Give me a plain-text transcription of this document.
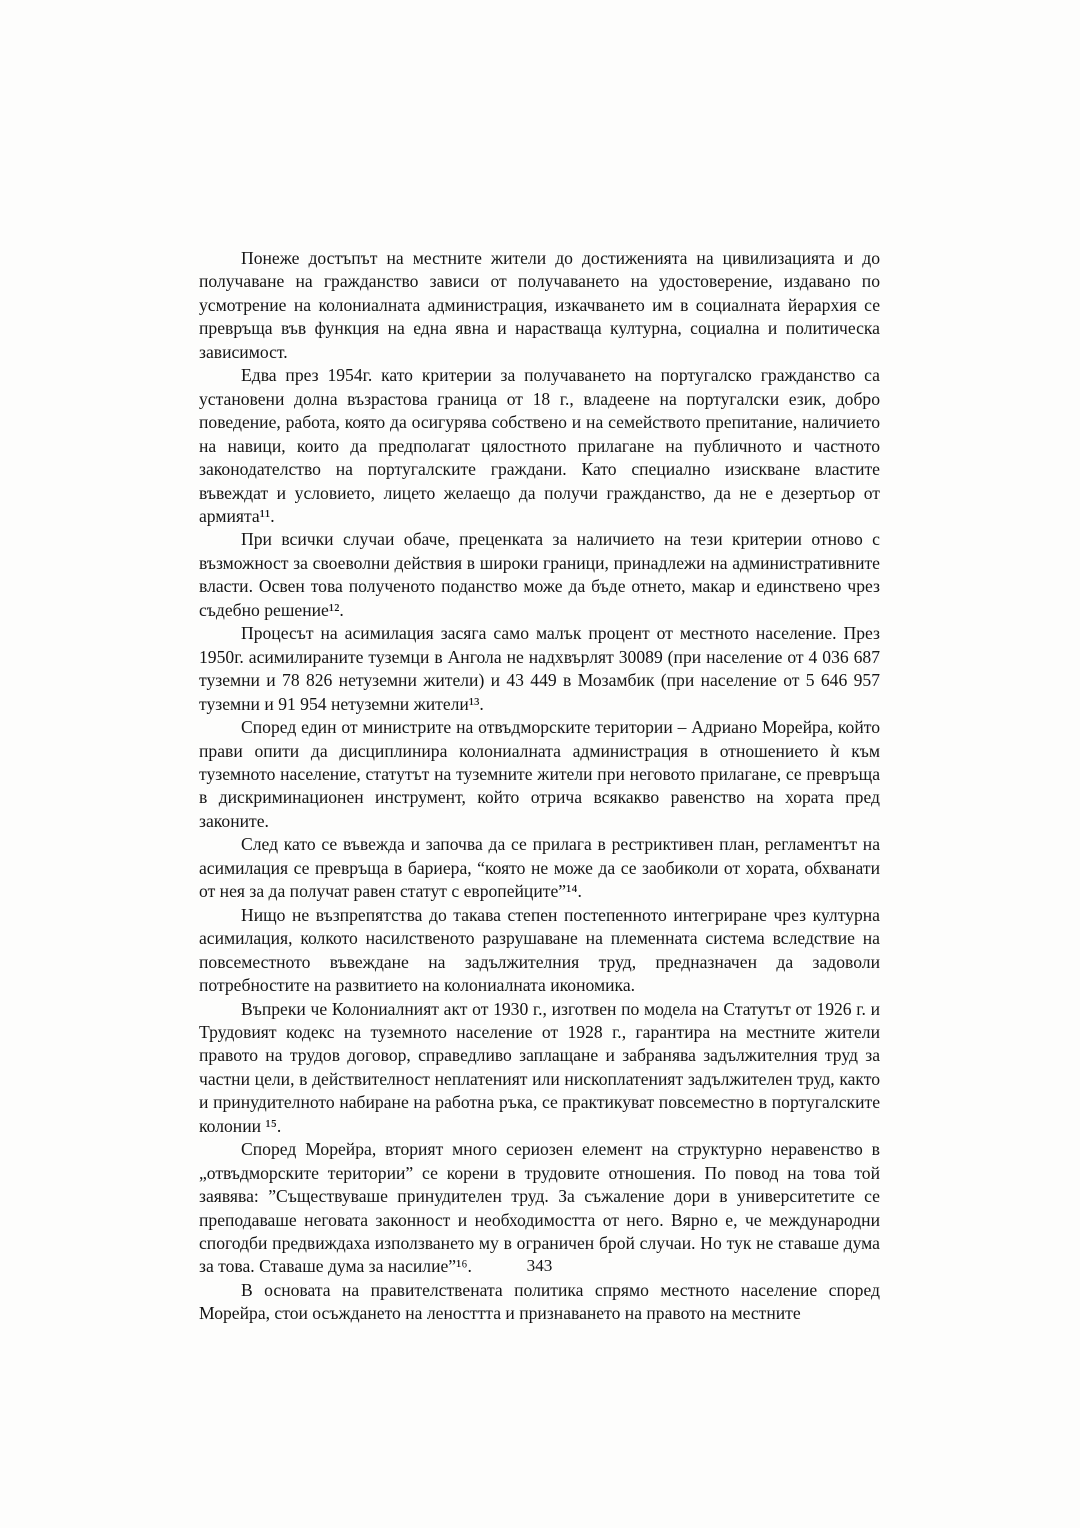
Понеже достъпът на местните жители до достиженията на цивилизацията и до получаване на гражданство зависи от получаването на удостоверение, издавано по усмотрение на колониалната администрация, изкачването им в социалната йерархия се превръща във функция на една явна и нарастваща културна, социална и политическа зависимост.

Едва през 1954г. като критерии за получаването на португалско гражданство са установени долна възрастова граница от 18 г., владеене на португалски език, добро поведение, работа, която да осигурява собствено и на семейството препитание, наличието на навици, които да предполагат цялостното прилагане на публичното и частното законодателство на португалските граждани. Като специално изискване властите въвеждат и условието, лицето желаещо да получи гражданство, да не е дезертьор от армията¹¹.

При всички случаи обаче, преценката за наличието на тези критерии отново с възможност за своеволни действия в широки граници, принадлежи на административните власти. Освен това полученото поданство може да бъде отнето, макар и единствено чрез съдебно решение¹².

Процесът на асимилация засяга само малък процент от местното население. През 1950г. асимилираните туземци в Ангола не надхвърлят 30089 (при население от 4 036 687 туземни и 78 826 нетуземни жители) и 43 449 в Мозамбик (при население от 5 646 957 туземни и 91 954 нетуземни жители¹³.

Според един от министрите на отвъдморските територии – Адриано Морейра, който прави опити да дисциплинира колониалната администрация в отношението ѝ към туземното население, статутът на туземните жители при неговото прилагане, се превръща в дискриминационен инструмент, който отрича всякакво равенство на хората пред законите.

След като се въвежда и започва да се прилага в рестриктивен план, регламентът на асимилация се превръща в бариера, “която не може да се заобиколи от хората, обхванати от нея за да получат равен статут с европейците”¹⁴.

Нищо не възпрепятства до такава степен постепенното интегриране чрез културна асимилация, колкото насилственото разрушаване на племенната система вследствие на повсеместното въвеждане на задължителния труд, предназначен да задоволи потребностите на развитието на колониалната икономика.

Въпреки че Колониалният акт от 1930 г., изготвен по модела на Статутът от 1926 г. и Трудовият кодекс на туземното население от 1928 г., гарантира на местните жители правото на трудов договор, справедливо заплащане и забранява задължителния труд за частни цели, в действителност неплатеният или нископлатеният задължителен труд, както и принудителното набиране на работна ръка, се практикуват повсеместно в португалските колонии ¹⁵.

Според Морейра, вторият много сериозен елемент на структурно неравенство в „отвъдморските територии” се корени в трудовите отношения. По повод на това той заявява: ”Съществуваше принудителен труд. За съжаление дори в университетите се преподаваше неговата законност и необходимостта от него. Вярно е, че международни спогодби предвиждаха използването му в ограничен брой случаи. Но тук не ставаше дума за това. Ставаше дума за насилие”¹⁶.

В основата на правителствената политика спрямо местното население според Морейра, стои осъждането на леносттта и признаването на правото на местните

343
